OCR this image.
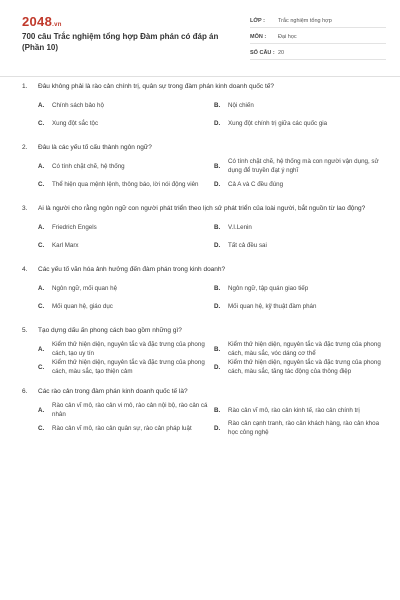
2048.vn
700 câu Trắc nghiệm tổng hợp Đàm phán có đáp án (Phần 10)
LỚP :	Trắc nghiệm tổng hợp
MÔN :	Đại học
SỐ CÂU : 20
1.	Đâu không phải là rào cản chính trị, quân sự trong đàm phán kinh doanh quốc tế?
A.	Chính sách bảo hộ	B.	Nội chiến
C.	Xung đột sắc tộc	D.	Xung đột chính trị giữa các quốc gia
2.	Đâu là các yếu tố cấu thành ngôn ngữ?
A.	Có tính chặt chẽ, hệ thống	B.
Có tính chặt chẽ, hệ thống mà con người vận dụng, sử dụng để truyền đạt ý nghĩ
C.	Thể hiện qua mệnh lệnh, thông báo, lời nói động viên	D.	Cả A và C đều đúng
3.	Ai là người cho rằng ngôn ngữ con người phát triển theo lịch sử phát triển của loài người, bắt nguồn từ lao động?
A.	Friedrich Engels	B.	V.I.Lenin
C.	Karl Marx	D.	Tất cả đều sai
4.	Các yếu tố văn hóa ảnh hưởng đến đàm phán trong kinh doanh?
A.	Ngôn ngữ, mối quan hệ	B.	Ngôn ngữ, tập quán giao tiếp
C.	Mối quan hệ, giáo dục	D.	Mối quan hệ, kỹ thuật đàm phán
5.	Tạo dựng dấu ấn phong cách bao gồm những gì?
A.
Kiểm thử hiện diện, nguyên tắc và đặc trưng của phong cách, tạo uy tín
B.
Kiểm thử hiện diện, nguyên tắc và đặc trưng của phong cách, màu sắc, vóc dáng cơ thể
C.
Kiểm thử hiện diện, nguyên tắc và đặc trưng của phong cách, màu sắc, tạo thiện cảm
D.
Kiểm thử hiện diện, nguyên tắc và đặc trưng của phong cách, màu sắc, tăng tác động của thông điệp
6.	Các rào cản trong đàm phán kinh doanh quốc tế là?
A.
Rào cản vĩ mô, rào cản vi mô, rào cản nội bộ, rào cản cá nhân
B.	Rào cản vĩ mô, rào cản kinh tế, rào cản chính trị
C.	Rào cản vĩ mô, rào cản quân sự, rào cản pháp luật	D.
Rào cản cạnh tranh, rào cản khách hàng, rào cản khoa học công nghệ
